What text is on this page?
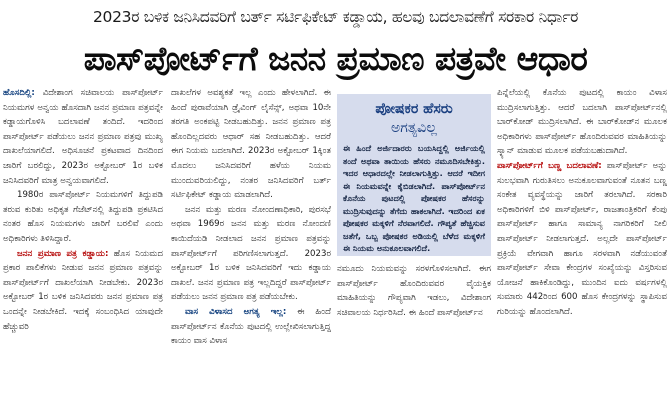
2023ರ ಬಳಿಕ ಜನಿಸಿದವರಿಗೆ ಬರ್ತ್ ಸರ್ಟಿಫಿಕೇಟ್ ಕಡ್ಡಾಯ, ಹಲವು ಬದಲಾವಣೆಗೆ ಸರಕಾರ ನಿರ್ಧಾರ
ಪಾಸ್‌ಪೋರ್ಟ್‌ಗೆ ಜನನ ಪ್ರಮಾಣ ಪತ್ರವೇ ಆಧಾರ

ಹೊಸದಿಲ್ಲಿ: ವಿದೇಶಾಂಗ ಸಚಿವಾಲಯ ಪಾಸ್‌ಪೋರ್ಟ್ ನಿಯಮಗಳ ಅನ್ವಯ ಹೊಸದಾಗಿ ಜನನ ಪ್ರಮಾಣ ಪತ್ರವನ್ನೇ ಕಡ್ಡಾಯಗೊಳಿಸಿ ಬದಲಾವಣೆ ತಂದಿದೆ. ಇದರಿಂದ ಪಾಸ್‌ಪೋರ್ಟ್ ಪಡೆಯಲು ಜನನ ಪ್ರಮಾಣ ಪತ್ರವು ಮುಖ್ಯ ದಾಖಲೆಯಾಗಲಿದೆ. ಅಧಿಸೂಚನೆ ಪ್ರಕಟವಾದ ದಿನದಿಂದ ಜಾರಿಗೆ ಬರಲಿದ್ದು, 2023ರ ಅಕ್ಟೋಬರ್ 1ರ ಬಳಿಕ ಜನಿಸಿದವರಿಗೆ ಮಾತ್ರ ಅನ್ವಯವಾಗಲಿದೆ.

1980ರ ಪಾಸ್‌ಪೋರ್ಟ್ ನಿಯಮಗಳಿಗೆ ತಿದ್ದುಪಡಿ ತರುವ ಕುರಿತು ಅಧಿಕೃತ ಗೆಜೆಟ್‌ನಲ್ಲಿ ತಿದ್ದುಪಡಿ ಪ್ರಕಟಿಸಿದ ನಂತರ ಹೊಸ ನಿಯಮಗಳು ಜಾರಿಗೆ ಬರಲಿವೆ ಎಂದು ಅಧಿಕಾರಿಗಳು ತಿಳಿಸಿದ್ದಾರೆ.

ಜನನ ಪ್ರಮಾಣ ಪತ್ರ ಕಡ್ಡಾಯ: ಹೊಸ ನಿಯಮದ ಪ್ರಕಾರ ಪಾಲಿಕೆಗಳು ನೀಡುವ ಜನನ ಪ್ರಮಾಣ ಪತ್ರವನ್ನು ಪಾಸ್‌ಪೋರ್ಟ್‌ಗೆ ದಾಖಲೆಯಾಗಿ ನೀಡಬೇಕು. 2023ರ ಅಕ್ಟೋಬರ್ 1ರ ಬಳಿಕ ಜನಿಸಿದವರು ಜನನ ಪ್ರಮಾಣ ಪತ್ರ ಒಂದನ್ನೇ ನೀಡಬೇಕಿದೆ. ಇದಕ್ಕೆ ಸಂಬಂಧಿಸಿದ ಯಾವುದೇ ಹೆಚ್ಚುವರಿ

ದಾಖಲೆಗಳ ಅವಶ್ಯಕತೆ ಇಲ್ಲ ಎಂದು ಹೇಳಲಾಗಿದೆ. ಈ ಹಿಂದೆ ಪುರಾವೆಯಾಗಿ ಡ್ರೈವಿಂಗ್ ಲೈಸೆನ್ಸ್, ಅಥವಾ 10ನೇ ತರಗತಿ ಅಂಕಪಟ್ಟಿ ನೀಡಬಹುದಿತ್ತು. ಜನನ ಪ್ರಮಾಣ ಪತ್ರ ಹೊಂದಿಲ್ಲದವರು ಆಧಾರ್ ಸಹ ನೀಡಬಹುದಿತ್ತು. ಆದರೆ ಈಗ ನಿಯಮ ಬದಲಾಗಿದೆ. 2023ರ ಅಕ್ಟೋಬರ್ 1ಕ್ಕಿಂತ ಮೊದಲು ಜನಿಸಿದವರಿಗೆ ಹಳೆಯ ನಿಯಮ ಮುಂದುವರಿಯಲಿದ್ದು, ನಂತರ ಜನಿಸಿದವರಿಗೆ ಬರ್ತ್ ಸರ್ಟಿಫಿಕೇಟ್ ಕಡ್ಡಾಯ ಮಾಡಲಾಗಿದೆ.

ಜನನ ಮತ್ತು ಮರಣ ನೋಂದಣಾಧಿಕಾರಿ, ಪುರಸಭೆ ಅಥವಾ 1969ರ ಜನನ ಮತ್ತು ಮರಣ ನೋಂದಣಿ ಕಾಯಿದೆಯಡಿ ನೀಡಲಾದ ಜನನ ಪ್ರಮಾಣ ಪತ್ರವನ್ನು ಪಾಸ್‌ಪೋರ್ಟ್‌ಗೆ ಪರಿಗಣಿಸಲಾಗುತ್ತದೆ. 2023ರ ಅಕ್ಟೋಬರ್ 1ರ ಬಳಿಕ ಜನಿಸಿದವರಿಗೆ ಇದು ಕಡ್ಡಾಯ ದಾಖಲೆ. ಜನನ ಪ್ರಮಾಣ ಪತ್ರ ಇಲ್ಲದಿದ್ದರೆ ಪಾಸ್‌ಪೋರ್ಟ್ ಪಡೆಯಲು ಜನನ ಪ್ರಮಾಣ ಪತ್ರ ಪಡೆಯಬೇಕು.

ವಾಸ ವಿಳಾಸದ ಅಗತ್ಯ ಇಲ್ಲ: ಈ ಹಿಂದೆ ಪಾಸ್‌ಪೋರ್ಟ್‌ನ ಕೊನೆಯ ಪುಟದಲ್ಲಿ ಉಲ್ಲೇಖಿಸಲಾಗುತ್ತಿದ್ದ ಕಾಯಂ ವಾಸ ವಿಳಾಸ

ಪೋಷಕರ ಹೆಸರು
ಅಗತ್ಯವಿಲ್ಲ
ಈ ಹಿಂದೆ ಅರ್ಜಿದಾರರು ಬಯಸಿದ್ದಲ್ಲಿ ಅರ್ಜಿಯಲ್ಲಿ ತಂದೆ ಅಥವಾ ತಾಯಿಯ ಹೆಸರು ನಮೂದಿಸಬೇಕಿತ್ತು. ಇದರ ಆಧಾರದಲ್ಲೇ ನೀಡಲಾಗುತ್ತಿತ್ತು. ಆದರೆ ಇದೀಗ ಈ ನಿಯಮವನ್ನೇ ಕೈಬಿಡಲಾಗಿದೆ. ಪಾಸ್‌ಪೋರ್ಟ್‌ನ ಕೊನೆಯ ಪುಟದಲ್ಲಿ ಪೋಷಕರ ಹೆಸರನ್ನು ಮುದ್ರಿಸುವುದನ್ನು ತೆಗೆದು ಹಾಕಲಾಗಿದೆ. ಇದರಿಂದ ಏಕ ಪೋಷಕರ ಮಕ್ಕಳಿಗೆ ನೆರವಾಗಲಿದೆ. ಗೌಪ್ಯತೆ ಹೆಚ್ಚಿಸುವ ಜತೆಗೆ, ಒಬ್ಬ ಪೋಷಕರ ಅಡಿಯಲ್ಲಿ ಬೆಳೆದ ಮಕ್ಕಳಿಗೆ ಈ ನಿಯಮ ಅನುಕೂಲವಾಗಲಿದೆ.

ನಮೂದು ನಿಯಮವನ್ನು ಸರಳಗೊಳಿಸಲಾಗಿದೆ. ಈಗ ಪಾಸ್‌ಪೋರ್ಟ್ ಹೊಂದಿರುವವರ ವೈಯಕ್ತಿಕ ಮಾಹಿತಿಯನ್ನು ಗೌಪ್ಯವಾಗಿ ಇಡಲು, ವಿದೇಶಾಂಗ ಸಚಿವಾಲಯ ನಿರ್ಧರಿಸಿದೆ. ಈ ಹಿಂದೆ ಪಾಸ್‌ಪೋರ್ಟ್‌ನ

ಪಿನ್ನೆಲೆಯಲ್ಲಿ ಕೊನೆಯ ಪುಟದಲ್ಲಿ ಕಾಯಂ ವಿಳಾಸ ಮುದ್ರಿಸಲಾಗುತ್ತಿತ್ತು. ಆದರೆ ಬದಲಾಗಿ ಪಾಸ್‌ಪೋರ್ಟ್‌ನಲ್ಲಿ ಬಾರ್‌ಕೋಡ್ ಮುದ್ರಿಸಲಾಗಿದೆ. ಈ ಬಾರ್‌ಕೋಡ್‌ನ ಮೂಲಕ ಅಧಿಕಾರಿಗಳು ಪಾಸ್‌ಪೋರ್ಟ್ ಹೊಂದಿರುವವರ ಮಾಹಿತಿಯನ್ನು ಸ್ಕ್ಯಾನ್ ಮಾಡುವ ಮೂಲಕ ಪಡೆಯಬಹುದಾಗಿದೆ.

ಪಾಸ್‌ಪೋರ್ಟ್‌ಗೆ ಬಣ್ಣ ಬದಲಾವಣೆ: ಪಾಸ್‌ಪೋರ್ಟ್ ಅನ್ನು ಸುಲಭವಾಗಿ ಗುರುತಿಸಲು ಅನುಕೂಲವಾಗುವಂತೆ ನೂತನ ಬಣ್ಣ ಸಂಕೇತ ವ್ಯವಸ್ಥೆಯನ್ನು ಜಾರಿಗೆ ತರಲಾಗಿದೆ. ಸರಕಾರಿ ಅಧಿಕಾರಿಗಳಿಗೆ ಬಿಳಿ ಪಾಸ್‌ಪೋರ್ಟ್, ರಾಜತಾಂತ್ರಿಕರಿಗೆ ಕೆಂಪು ಪಾಸ್‌ಪೋರ್ಟ್ ಹಾಗೂ ಸಾಮಾನ್ಯ ನಾಗರಿಕರಿಗೆ ನೀಲಿ ಪಾಸ್‌ಪೋರ್ಟ್ ನೀಡಲಾಗುತ್ತದೆ. ಅಲ್ಲದೇ ಪಾಸ್‌ಪೋರ್ಟ್ ಪ್ರಕ್ರಿಯೆ ವೇಗವಾಗಿ ಹಾಗೂ ಸರಳವಾಗಿ ನಡೆಯುವಂತೆ ಪಾಸ್‌ಪೋರ್ಟ್ ಸೇವಾ ಕೇಂದ್ರಗಳ ಸಂಖ್ಯೆಯನ್ನು ವಿಸ್ತರಿಸುವ ಯೋಜನೆ ಹಾಕಿಕೊಂಡಿದ್ದು, ಮುಂದಿನ ಐದು ವರ್ಷಗಳಲ್ಲಿ ಸುಮಾರು 442ರಿಂದ 600 ಹೊಸ ಕೇಂದ್ರಗಳನ್ನು ಸ್ಥಾಪಿಸುವ ಗುರಿಯನ್ನು ಹೊಂದಲಾಗಿದೆ.
